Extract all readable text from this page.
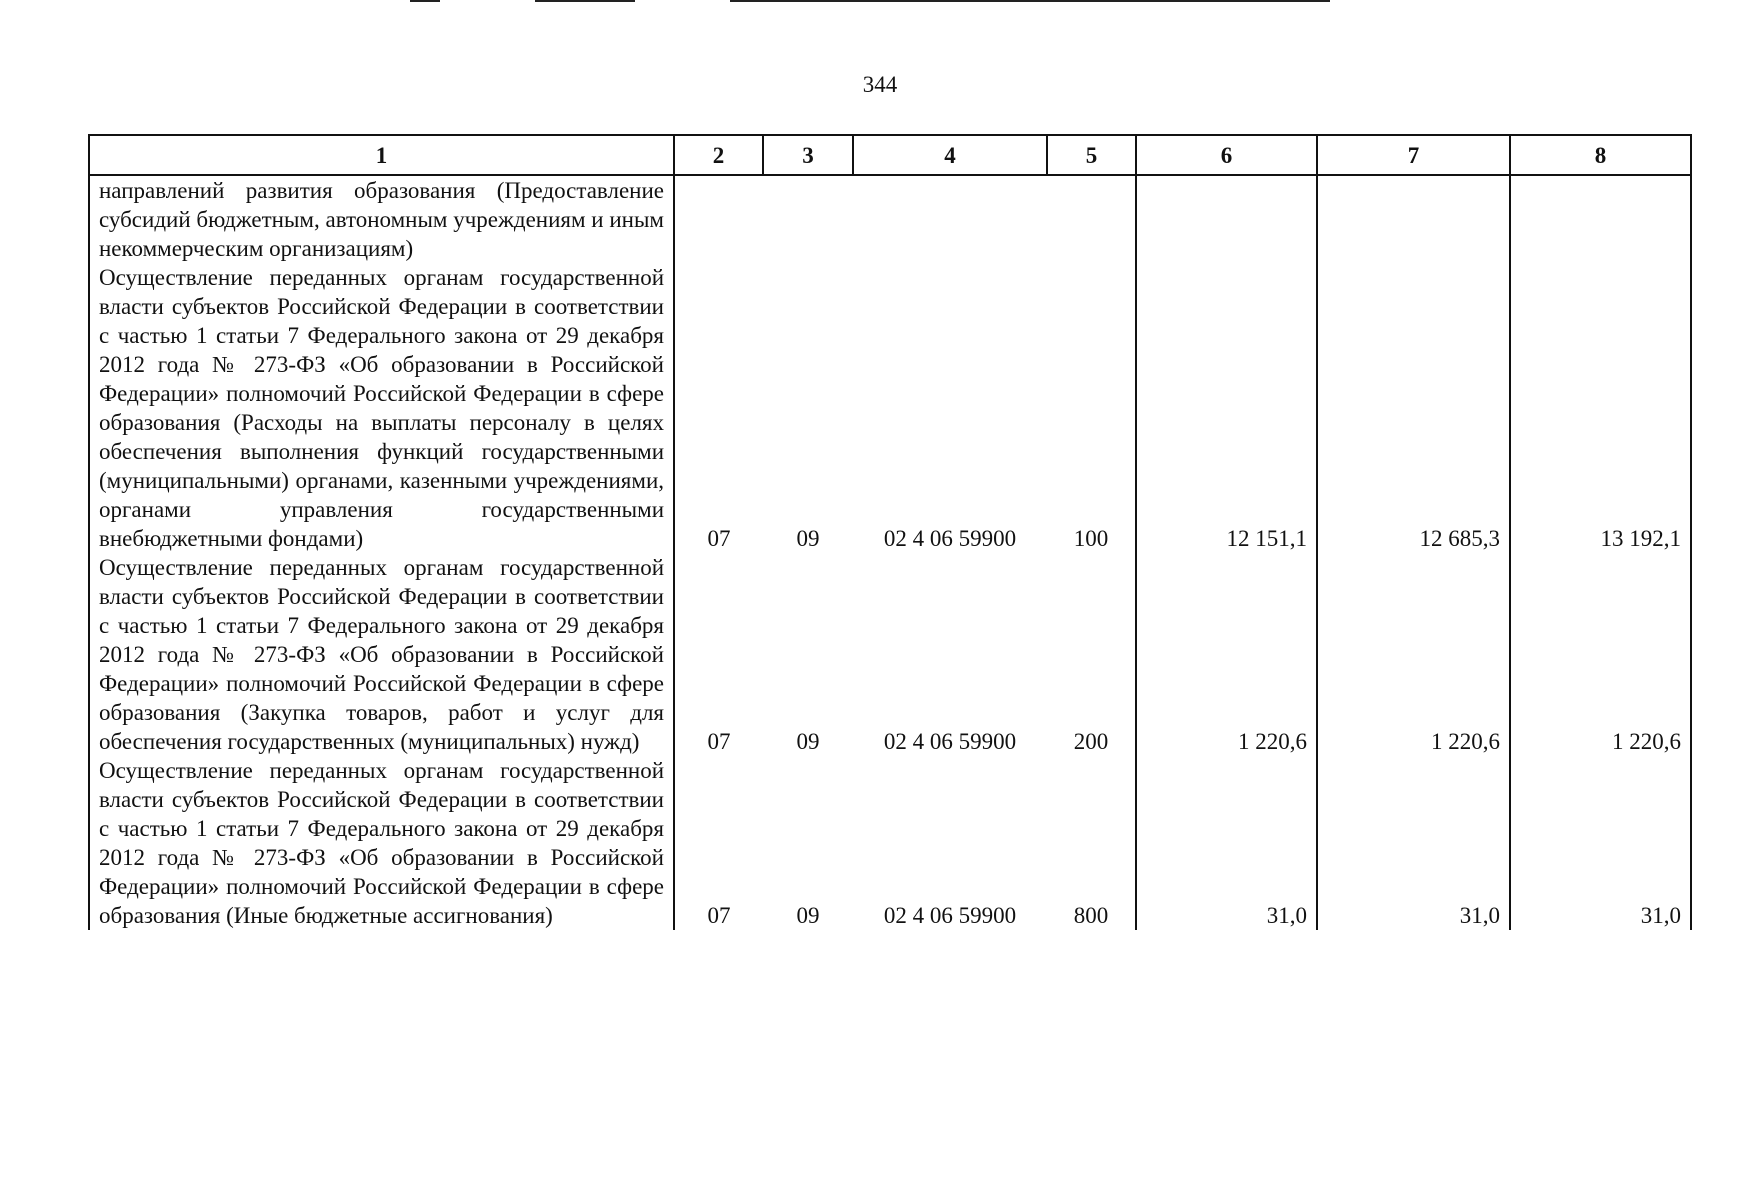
344
1	2	3	4	5	6	7	8
направлений развития образования (Предоставление субсидий бюджетным, автономным учреждениям и иным некоммерческим организациям)							
Осуществление переданных органам государственной власти субъектов Российской Федерации в соответствии с частью 1 статьи 7 Федерального закона от 29 декабря 2012 года № 273-ФЗ «Об образовании в Российской Федерации» полномочий Российской Федерации в сфере образования (Расходы на выплаты персоналу в целях обеспечения выполнения функций государственными (муниципальными) органами, казенными учреждениями, органами управления государственными внебюджетными фондами)	07	09	02 4 06 59900	100	12 151,1	12 685,3	13 192,1
Осуществление переданных органам государственной власти субъектов Российской Федерации в соответствии с частью 1 статьи 7 Федерального закона от 29 декабря 2012 года № 273-ФЗ «Об образовании в Российской Федерации» полномочий Российской Федерации в сфере образования (Закупка товаров, работ и услуг для обеспечения государственных (муниципальных) нужд)	07	09	02 4 06 59900	200	1 220,6	1 220,6	1 220,6
Осуществление переданных органам государственной власти субъектов Российской Федерации в соответствии с частью 1 статьи 7 Федерального закона от 29 декабря 2012 года № 273-ФЗ «Об образовании в Российской Федерации» полномочий Российской Федерации в сфере образования (Иные бюджетные ассигнования)	07	09	02 4 06 59900	800	31,0	31,0	31,0
